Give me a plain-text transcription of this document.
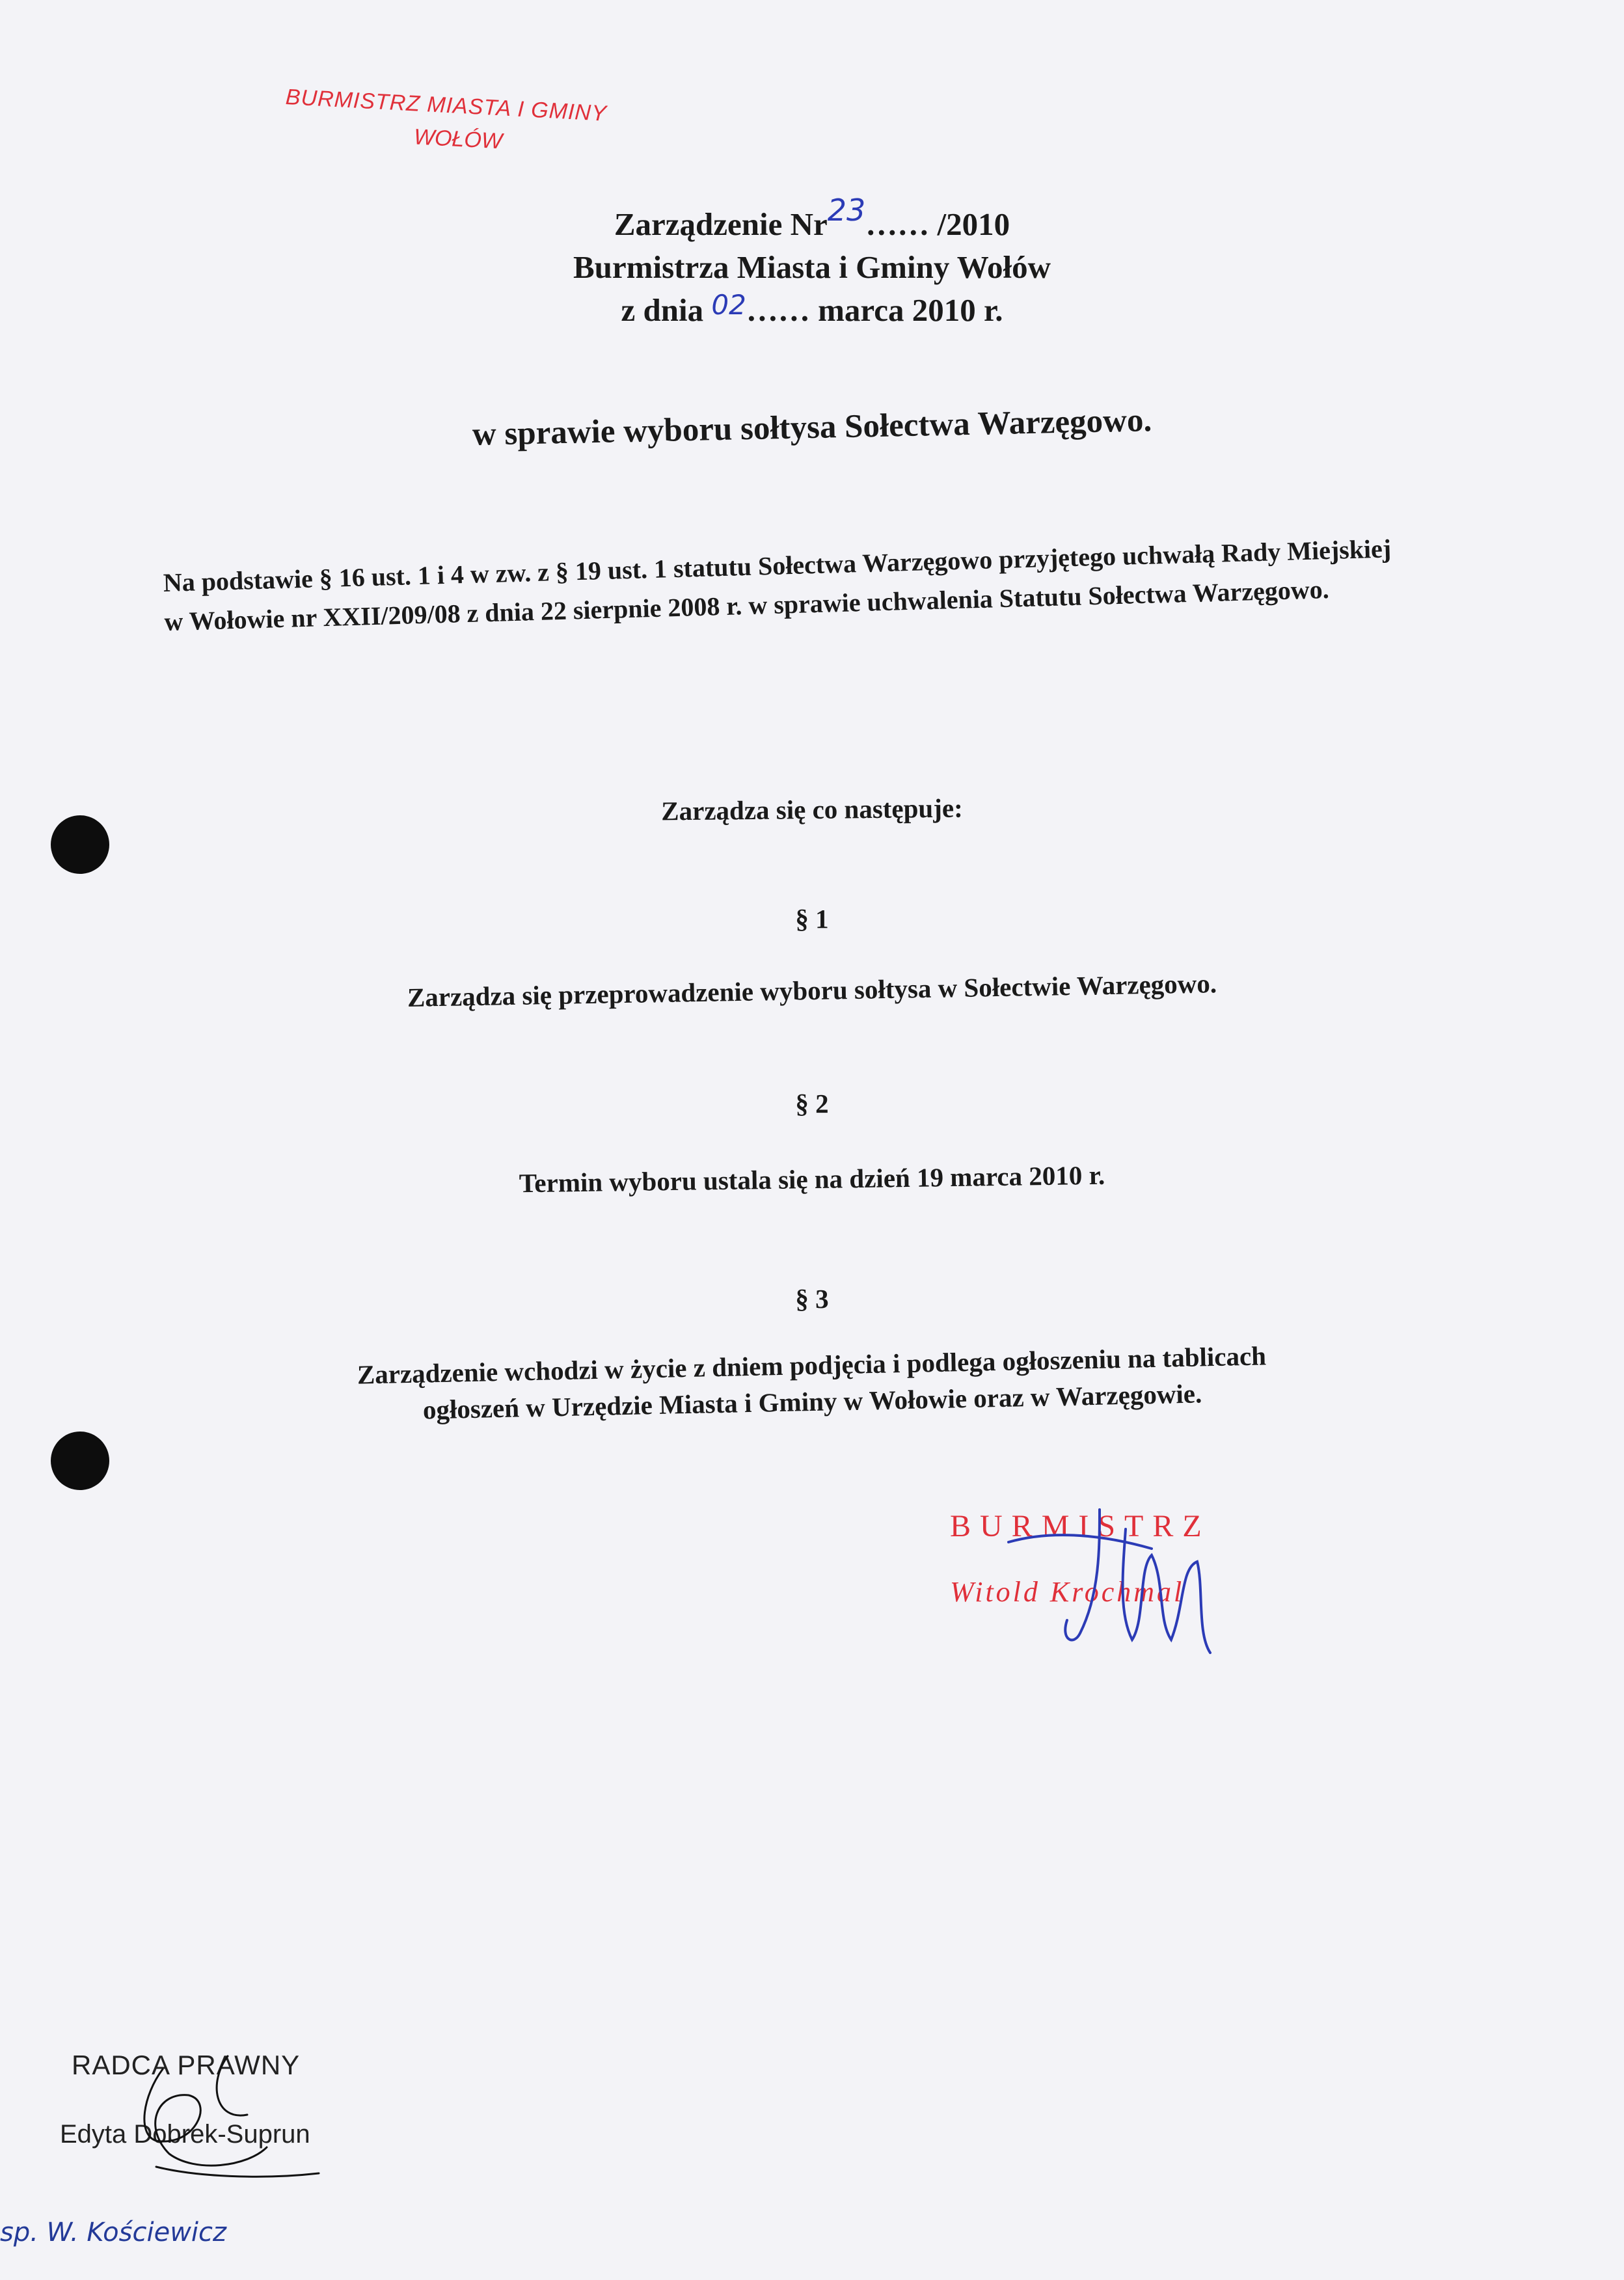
BURMISTRZ MIASTA I GMINY
WOŁÓW
Zarządzenie Nr23…… /2010
Burmistrza Miasta i Gminy Wołów
z dnia 02…… marca 2010 r.
w sprawie wyboru sołtysa Sołectwa Warzęgowo.
Na podstawie § 16 ust. 1 i 4 w zw. z § 19 ust. 1 statutu Sołectwa Warzęgowo przyjętego uchwałą Rady Miejskiej w Wołowie nr XXII/209/08 z dnia 22 sierpnie 2008 r. w sprawie uchwalenia Statutu Sołectwa Warzęgowo.
Zarządza się co następuje:
§ 1
Zarządza się przeprowadzenie wyboru sołtysa w Sołectwie Warzęgowo.
§ 2
Termin wyboru ustala się na dzień 19 marca 2010 r.
§ 3
Zarządzenie wchodzi w życie z dniem podjęcia i podlega ogłoszeniu na tablicach
ogłoszeń w Urzędzie Miasta i Gminy w Wołowie oraz w Warzęgowie.
BURMISTRZ
Witold Krochmal
RADCA PRAWNY
Edyta Dobrek-Suprun
sp. W. Kościewicz
